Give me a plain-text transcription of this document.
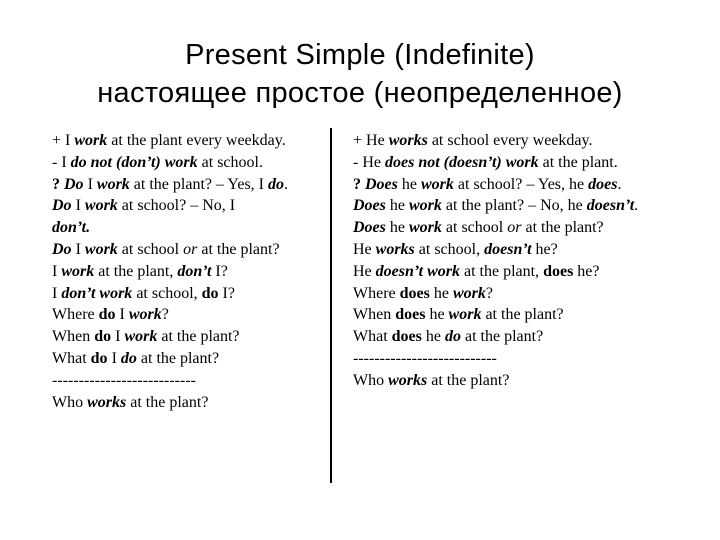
Present Simple (Indefinite)
настоящее простое (неопределенное)
+ I work at the plant every weekday.
- I do not (don’t) work at school.
? Do I work at the plant? – Yes, I do.
Do I work at school? – No, I
don’t.
Do I work at school or at the plant?
I work at the plant, don’t I?
I don’t work at school, do I?
Where do I work?
When do I work at the plant?
What do I do at the plant?
---------------------------
Who works at the plant?
+ He works at school every weekday.
- He does not (doesn’t) work at the plant.
? Does he work at school? – Yes, he does.
Does he work at the plant? – No, he doesn’t.
Does he work at school or at the plant?
He works at school, doesn’t he?
He doesn’t work at the plant, does he?
Where does he work?
When does he work at the plant?
What does he do at the plant?
---------------------------
Who works at the plant?
